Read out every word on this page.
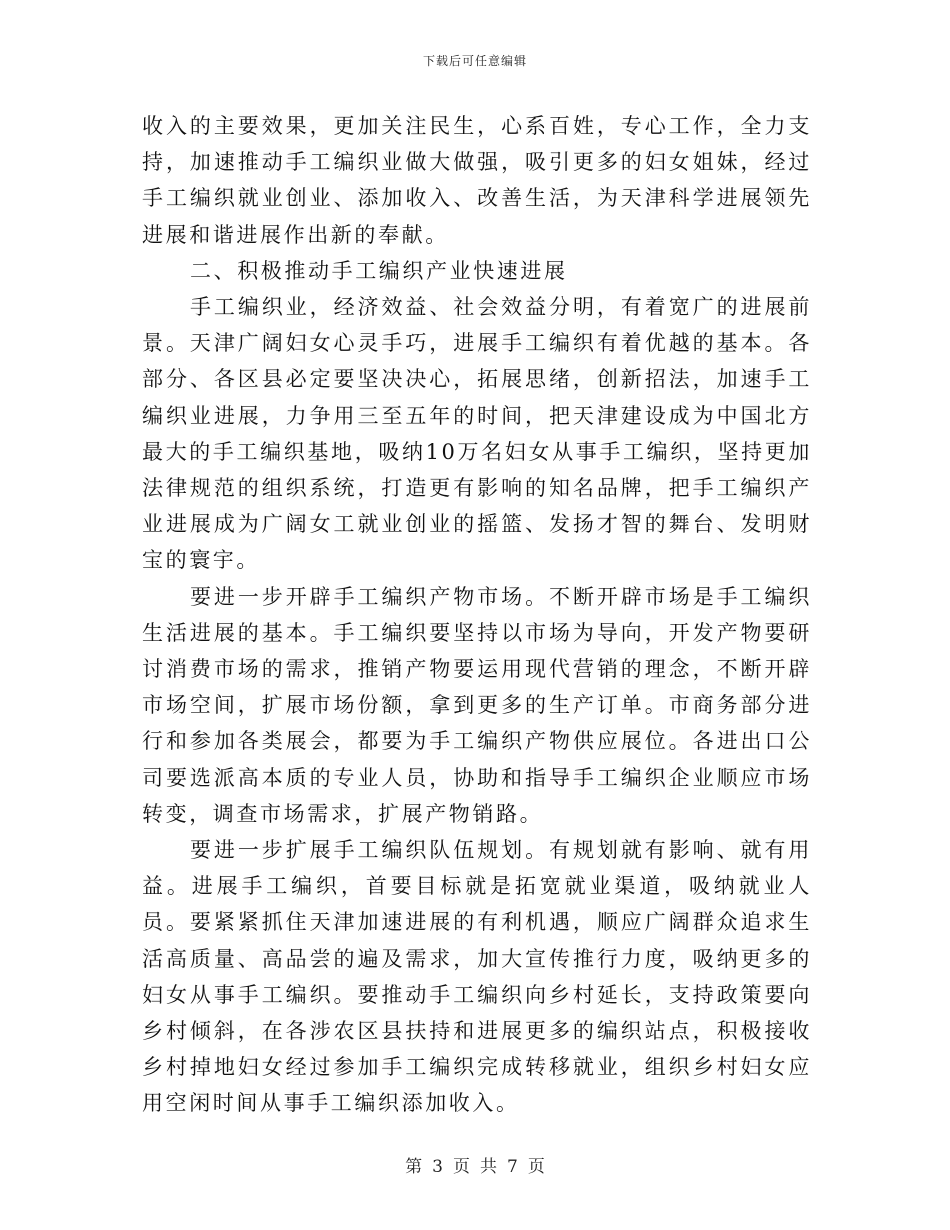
下载后可任意编辑

收入的主要效果，更加关注民生，心系百姓，专心工作，全力支持，加速推动手工编织业做大做强，吸引更多的妇女姐妹，经过手工编织就业创业、添加收入、改善生活，为天津科学进展领先进展和谐进展作出新的奉献。

二、积极推动手工编织产业快速进展

手工编织业，经济效益、社会效益分明，有着宽广的进展前景。天津广阔妇女心灵手巧，进展手工编织有着优越的基本。各部分、各区县必定要坚决决心，拓展思绪，创新招法，加速手工编织业进展，力争用三至五年的时间，把天津建设成为中国北方最大的手工编织基地，吸纳10万名妇女从事手工编织，坚持更加法律规范的组织系统，打造更有影响的知名品牌，把手工编织产业进展成为广阔女工就业创业的摇篮、发扬才智的舞台、发明财宝的寰宇。

要进一步开辟手工编织产物市场。不断开辟市场是手工编织生活进展的基本。手工编织要坚持以市场为导向，开发产物要研讨消费市场的需求，推销产物要运用现代营销的理念，不断开辟市场空间，扩展市场份额，拿到更多的生产订单。市商务部分进行和参加各类展会，都要为手工编织产物供应展位。各进出口公司要选派高本质的专业人员，协助和指导手工编织企业顺应市场转变，调查市场需求，扩展产物销路。

要进一步扩展手工编织队伍规划。有规划就有影响、就有用益。进展手工编织，首要目标就是拓宽就业渠道，吸纳就业人员。要紧紧抓住天津加速进展的有利机遇，顺应广阔群众追求生活高质量、高品尝的遍及需求，加大宣传推行力度，吸纳更多的妇女从事手工编织。要推动手工编织向乡村延长，支持政策要向乡村倾斜，在各涉农区县扶持和进展更多的编织站点，积极接收乡村掉地妇女经过参加手工编织完成转移就业，组织乡村妇女应用空闲时间从事手工编织添加收入。

第 3 页 共 7 页
